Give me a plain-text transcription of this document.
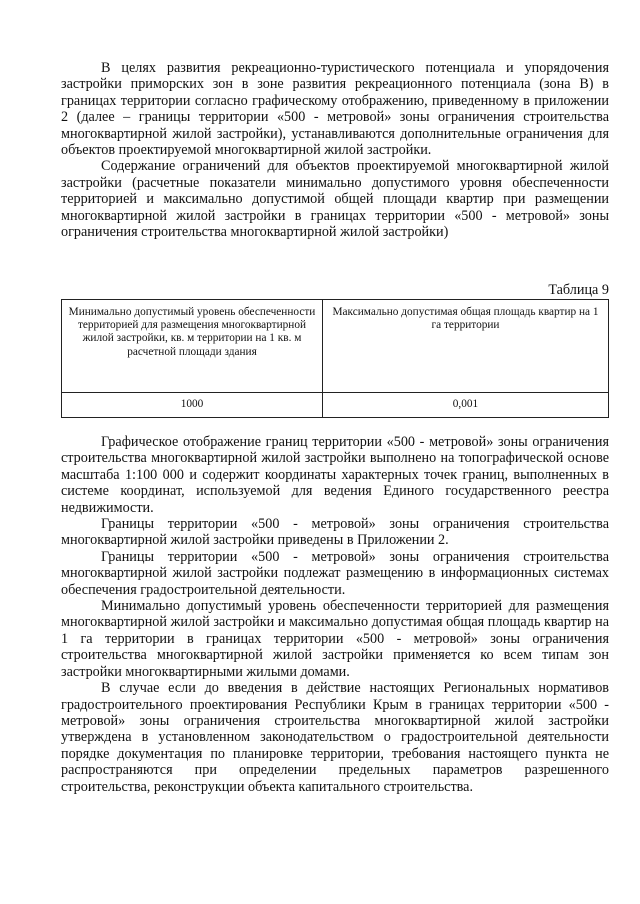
В целях развития рекреационно-туристического потенциала и упорядочения застройки приморских зон в зоне развития рекреационного потенциала (зона В) в границах территории согласно графическому отображению, приведенному в приложении 2 (далее – границы территории «500 - метровой» зоны ограничения строительства многоквартирной жилой застройки), устанавливаются дополнительные ограничения для объектов проектируемой многоквартирной жилой застройки.

Содержание ограничений для объектов проектируемой многоквартирной жилой застройки (расчетные показатели минимально допустимого уровня обеспеченности территорией и максимально допустимой общей площади квартир при размещении многоквартирной жилой застройки в границах территории «500 - метровой» зоны ограничения строительства многоквартирной жилой застройки)

Таблица 9
Минимально допустимый уровень обеспеченности территорией для размещения многоквартирной жилой застройки, кв. м территории на 1 кв. м расчетной площади здания	Максимально допустимая общая площадь квартир на 1 га территории
1000	0,001

Графическое отображение границ территории «500 - метровой» зоны ограничения строительства многоквартирной жилой застройки выполнено на топографической основе масштаба 1:100 000 и содержит координаты характерных точек границ, выполненных в системе координат, используемой для ведения Единого государственного реестра недвижимости.

Границы территории «500 - метровой» зоны ограничения строительства многоквартирной жилой застройки приведены в Приложении 2.

Границы территории «500 - метровой» зоны ограничения строительства многоквартирной жилой застройки подлежат размещению в информационных системах обеспечения градостроительной деятельности.

Минимально допустимый уровень обеспеченности территорией для размещения многоквартирной жилой застройки и максимально допустимая общая площадь квартир на 1 га территории в границах территории «500 - метровой» зоны ограничения строительства многоквартирной жилой застройки применяется ко всем типам зон застройки многоквартирными жилыми домами.

В случае если до введения в действие настоящих Региональных нормативов градостроительного проектирования Республики Крым в границах территории «500 - метровой» зоны ограничения строительства многоквартирной жилой застройки утверждена в установленном законодательством о градостроительной деятельности порядке документация по планировке территории, требования настоящего пункта не распространяются при определении предельных параметров разрешенного строительства, реконструкции объекта капитального строительства.
